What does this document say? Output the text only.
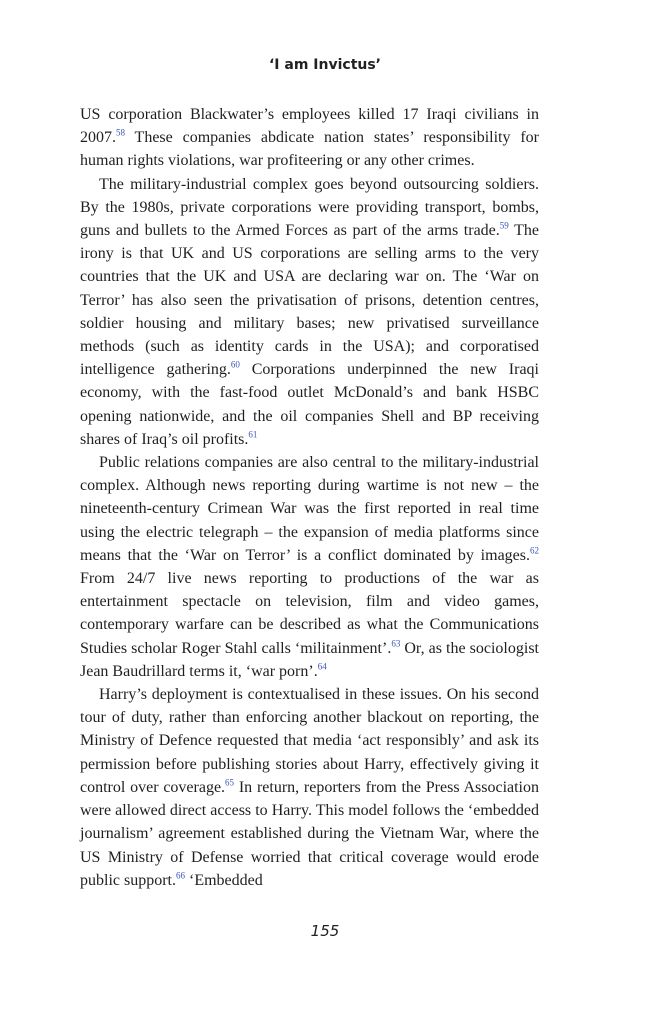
‘I am Invictus’

US corporation Blackwater’s employees killed 17 Iraqi civilians in 2007.58 These companies abdicate nation states’ responsibility for human rights violations, war profiteering or any other crimes.

The military-industrial complex goes beyond outsourcing soldiers. By the 1980s, private corporations were providing transport, bombs, guns and bullets to the Armed Forces as part of the arms trade.$^{59}$ The irony is that UK and US corporations are selling arms to the very countries that the UK and USA are declaring war on. The ‘War on Terror’ has also seen the privatisation of prisons, detention centres, soldier housing and military bases; new privatised surveillance methods (such as identity cards in the USA); and corporatised intelligence gathering.$^{60}$ Corporations underpinned the new Iraqi economy, with the fast-food outlet McDonald’s and bank HSBC opening nationwide, and the oil companies Shell and BP receiving shares of Iraq’s oil profits.$^{61}$

Public relations companies are also central to the military-industrial complex. Although news reporting during wartime is not new – the nineteenth-century Crimean War was the first reported in real time using the electric telegraph – the expansion of media platforms since means that the ‘War on Terror’ is a conflict dominated by images.$^{62}$ From 24/7 live news reporting to productions of the war as entertainment spectacle on television, film and video games, contemporary warfare can be described as what the Communications Studies scholar Roger Stahl calls ‘militainment’.$^{63}$ Or, as the sociologist Jean Baudrillard terms it, ‘war porn’.$^{64}$

Harry’s deployment is contextualised in these issues. On his second tour of duty, rather than enforcing another blackout on reporting, the Ministry of Defence requested that media ‘act responsibly’ and ask its permission before publishing stories about Harry, effectively giving it control over coverage.$^{65}$ In return, reporters from the Press Association were allowed direct access to Harry. This model follows the ‘embedded journalism’ agreement established during the Vietnam War, where the US Ministry of Defense worried that critical coverage would erode public support.$^{66}$ ‘Embedded

155
